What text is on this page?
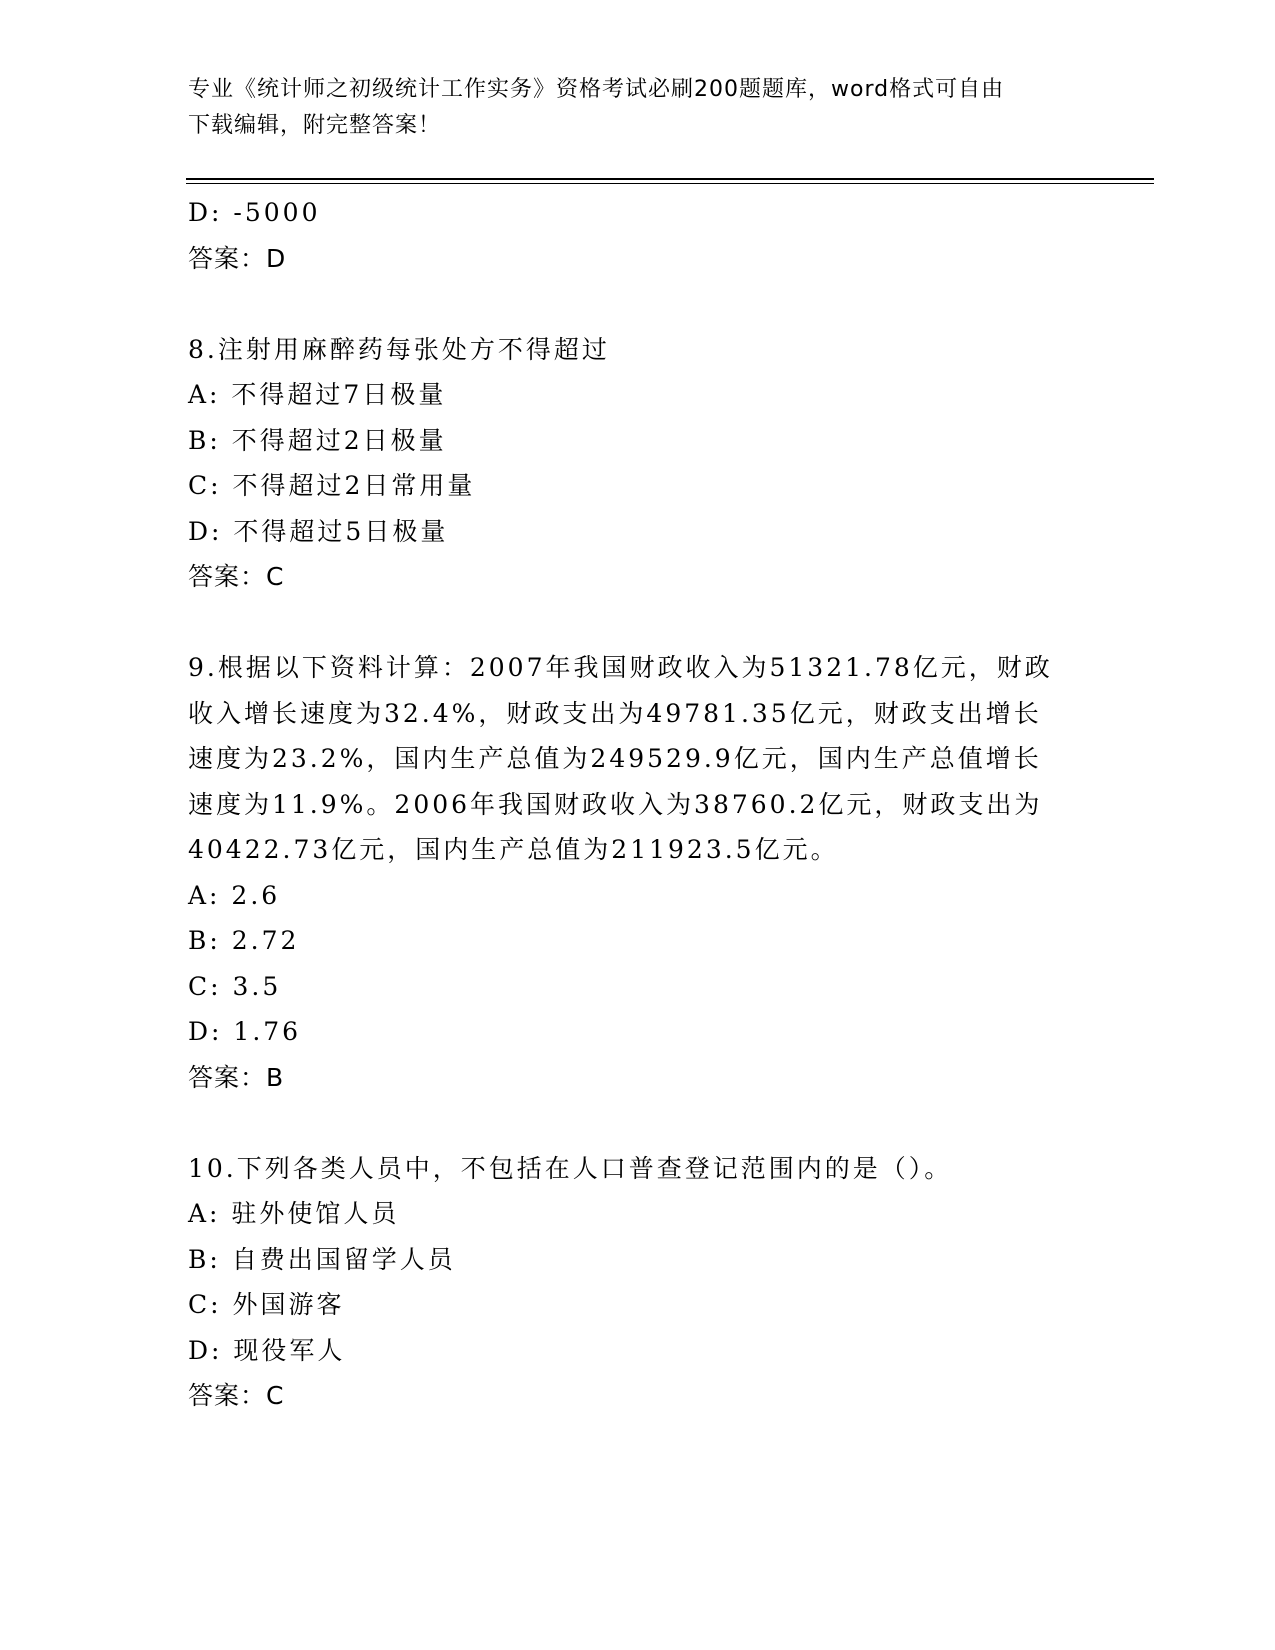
专业《统计师之初级统计工作实务》资格考试必刷200题题库，word格式可自由
下载编辑，附完整答案！
D: -5000
答案：D
8.注射用麻醉药每张处方不得超过
A: 不得超过7日极量
B: 不得超过2日极量
C: 不得超过2日常用量
D: 不得超过5日极量
答案：C
9.根据以下资料计算：2007年我国财政收入为51321.78亿元，财政
收入增长速度为32.4%，财政支出为49781.35亿元，财政支出增长
速度为23.2%，国内生产总值为249529.9亿元，国内生产总值增长
速度为11.9%。2006年我国财政收入为38760.2亿元，财政支出为
40422.73亿元，国内生产总值为211923.5亿元。
A: 2.6
B: 2.72
C: 3.5
D: 1.76
答案：B
10.下列各类人员中，不包括在人口普查登记范围内的是（）。
A: 驻外使馆人员
B: 自费出国留学人员
C: 外国游客
D: 现役军人
答案：C
